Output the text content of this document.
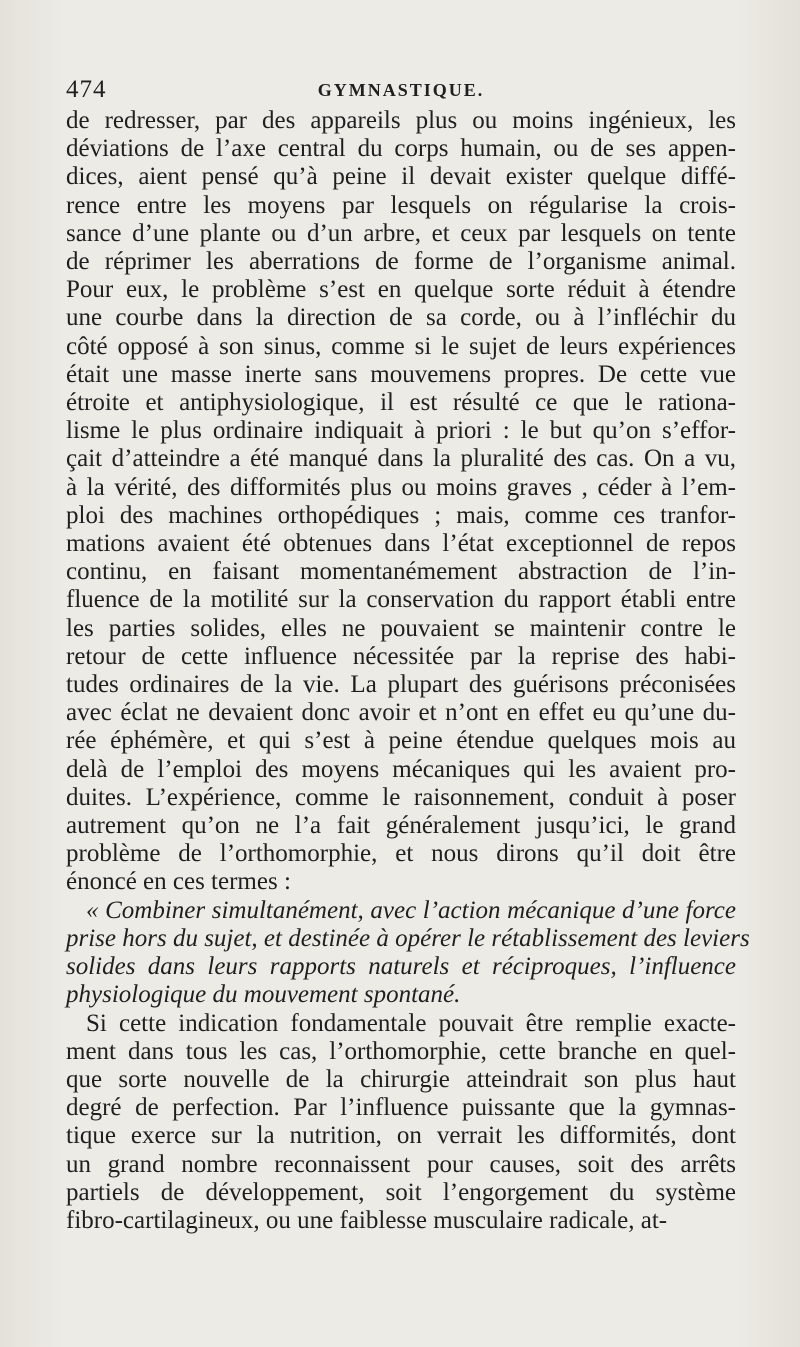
474	GYMNASTIQUE.
de redresser, par des appareils plus ou moins ingénieux, les
déviations de l’axe central du corps humain, ou de ses appen-
dices, aient pensé qu’à peine il devait exister quelque diffé-
rence entre les moyens par lesquels on régularise la crois-
sance d’une plante ou d’un arbre, et ceux par lesquels on tente
de réprimer les aberrations de forme de l’organisme animal.
Pour eux, le problème s’est en quelque sorte réduit à étendre
une courbe dans la direction de sa corde, ou à l’infléchir du
côté opposé à son sinus, comme si le sujet de leurs expériences
était une masse inerte sans mouvemens propres. De cette vue
étroite et antiphysiologique, il est résulté ce que le rationa-
lisme le plus ordinaire indiquait à priori : le but qu’on s’effor-
çait d’atteindre a été manqué dans la pluralité des cas. On a vu,
à la vérité, des difformités plus ou moins graves , céder à l’em-
ploi des machines orthopédiques ; mais, comme ces tranfor-
mations avaient été obtenues dans l’état exceptionnel de repos
continu, en faisant momentanémement abstraction de l’in-
fluence de la motilité sur la conservation du rapport établi entre
les parties solides, elles ne pouvaient se maintenir contre le
retour de cette influence nécessitée par la reprise des habi-
tudes ordinaires de la vie. La plupart des guérisons préconisées
avec éclat ne devaient donc avoir et n’ont en effet eu qu’une du-
rée éphémère, et qui s’est à peine étendue quelques mois au
delà de l’emploi des moyens mécaniques qui les avaient pro-
duites. L’expérience, comme le raisonnement, conduit à poser
autrement qu’on ne l’a fait généralement jusqu’ici, le grand
problème de l’orthomorphie, et nous dirons qu’il doit être
énoncé en ces termes :
« Combiner simultanément, avec l’action mécanique d’une force
prise hors du sujet, et destinée à opérer le rétablissement des leviers
solides dans leurs rapports naturels et réciproques, l’influence
physiologique du mouvement spontané.
Si cette indication fondamentale pouvait être remplie exacte-
ment dans tous les cas, l’orthomorphie, cette branche en quel-
que sorte nouvelle de la chirurgie atteindrait son plus haut
degré de perfection. Par l’influence puissante que la gymnas-
tique exerce sur la nutrition, on verrait les difformités, dont
un grand nombre reconnaissent pour causes, soit des arrêts
partiels de développement, soit l’engorgement du système
fibro-cartilagineux, ou une faiblesse musculaire radicale, at-
